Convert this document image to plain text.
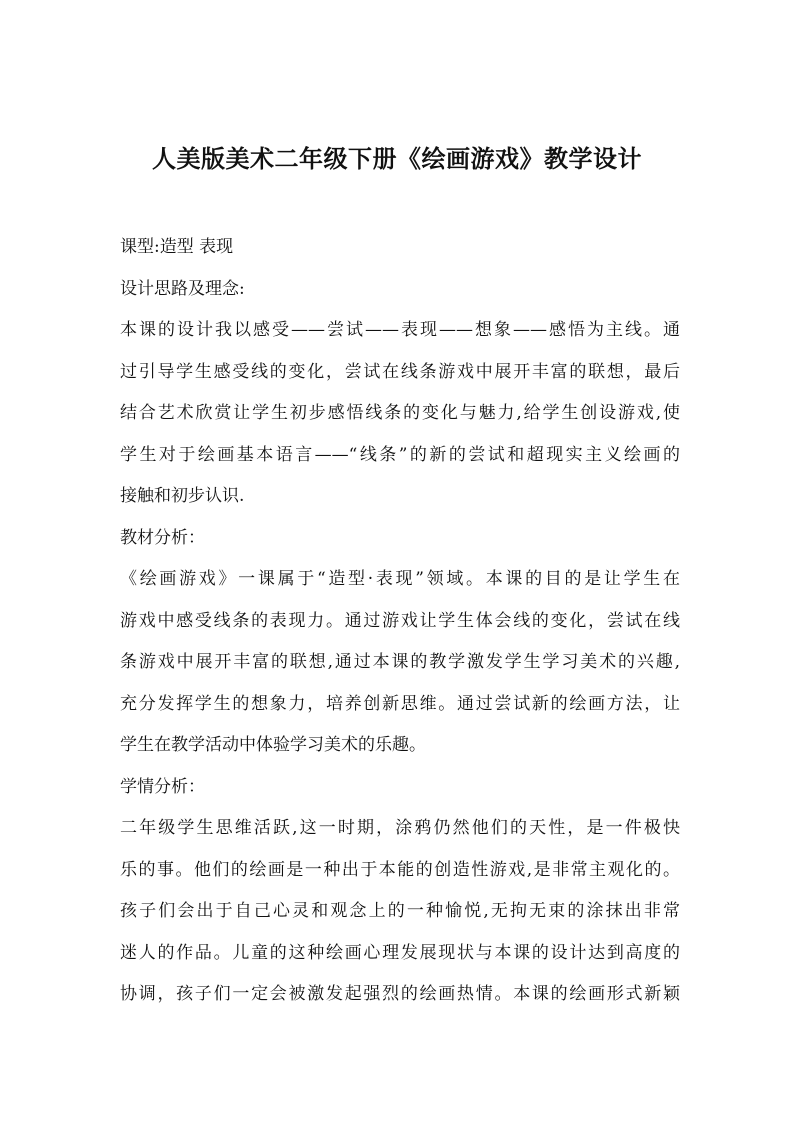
人美版美术二年级下册《绘画游戏》教学设计
课型:造型 表现
设计思路及理念:
本课的设计我以感受——尝试——表现——想象——感悟为主线。通
过引导学生感受线的变化，尝试在线条游戏中展开丰富的联想，最后
结合艺术欣赏让学生初步感悟线条的变化与魅力,给学生创设游戏,使
学生对于绘画基本语言——“线条”的新的尝试和超现实主义绘画的
接触和初步认识.
教材分析：
《绘画游戏》一课属于“造型·表现”领域。本课的目的是让学生在
游戏中感受线条的表现力。通过游戏让学生体会线的变化，尝试在线
条游戏中展开丰富的联想,通过本课的教学激发学生学习美术的兴趣,
充分发挥学生的想象力，培养创新思维。通过尝试新的绘画方法，让
学生在教学活动中体验学习美术的乐趣。
学情分析：
二年级学生思维活跃,这一时期，涂鸦仍然他们的天性，是一件极快
乐的事。他们的绘画是一种出于本能的创造性游戏,是非常主观化的。
孩子们会出于自己心灵和观念上的一种愉悦,无拘无束的涂抹出非常
迷人的作品。儿童的这种绘画心理发展现状与本课的设计达到高度的
协调，孩子们一定会被激发起强烈的绘画热情。本课的绘画形式新颖
